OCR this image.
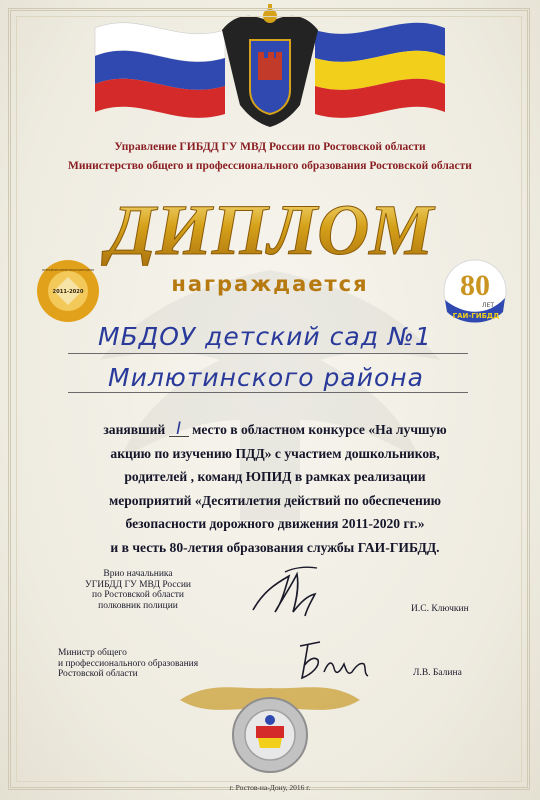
Управление ГИБДД ГУ МВД России по Ростовской области
Министерство общего и профессионального образования Ростовской области
ДИПЛОМ
награждается
2011-2020
ДЕСЯТИЛЕТИЕ ДЕЙСТВИЙ ПО ОБЕСПЕЧЕНИЮ БЕЗОПАСНОСТИ ДОРОЖНОГО ДВИЖЕНИЯ	80
ЛЕТ
ГАИ-ГИБДД
МБДОУ детский сад №1
Милютинского района
занявший I место в областном конкурсе «На лучшую
акцию по изучению ПДД» с участием дошкольников,
родителей , команд ЮПИД в рамках реализации
мероприятий «Десятилетия действий по обеспечению
безопасности дорожного движения 2011-2020 гг.»
и в честь 80-летия образования службы ГАИ-ГИБДД.
Врио начальника
УГИБДД ГУ МВД России
по Ростовской области
полковник полиции	И.С. Ключкин
Министр общего
и профессионального образования
Ростовской области	Л.В. Балина
г. Ростов-на-Дону, 2016 г.
